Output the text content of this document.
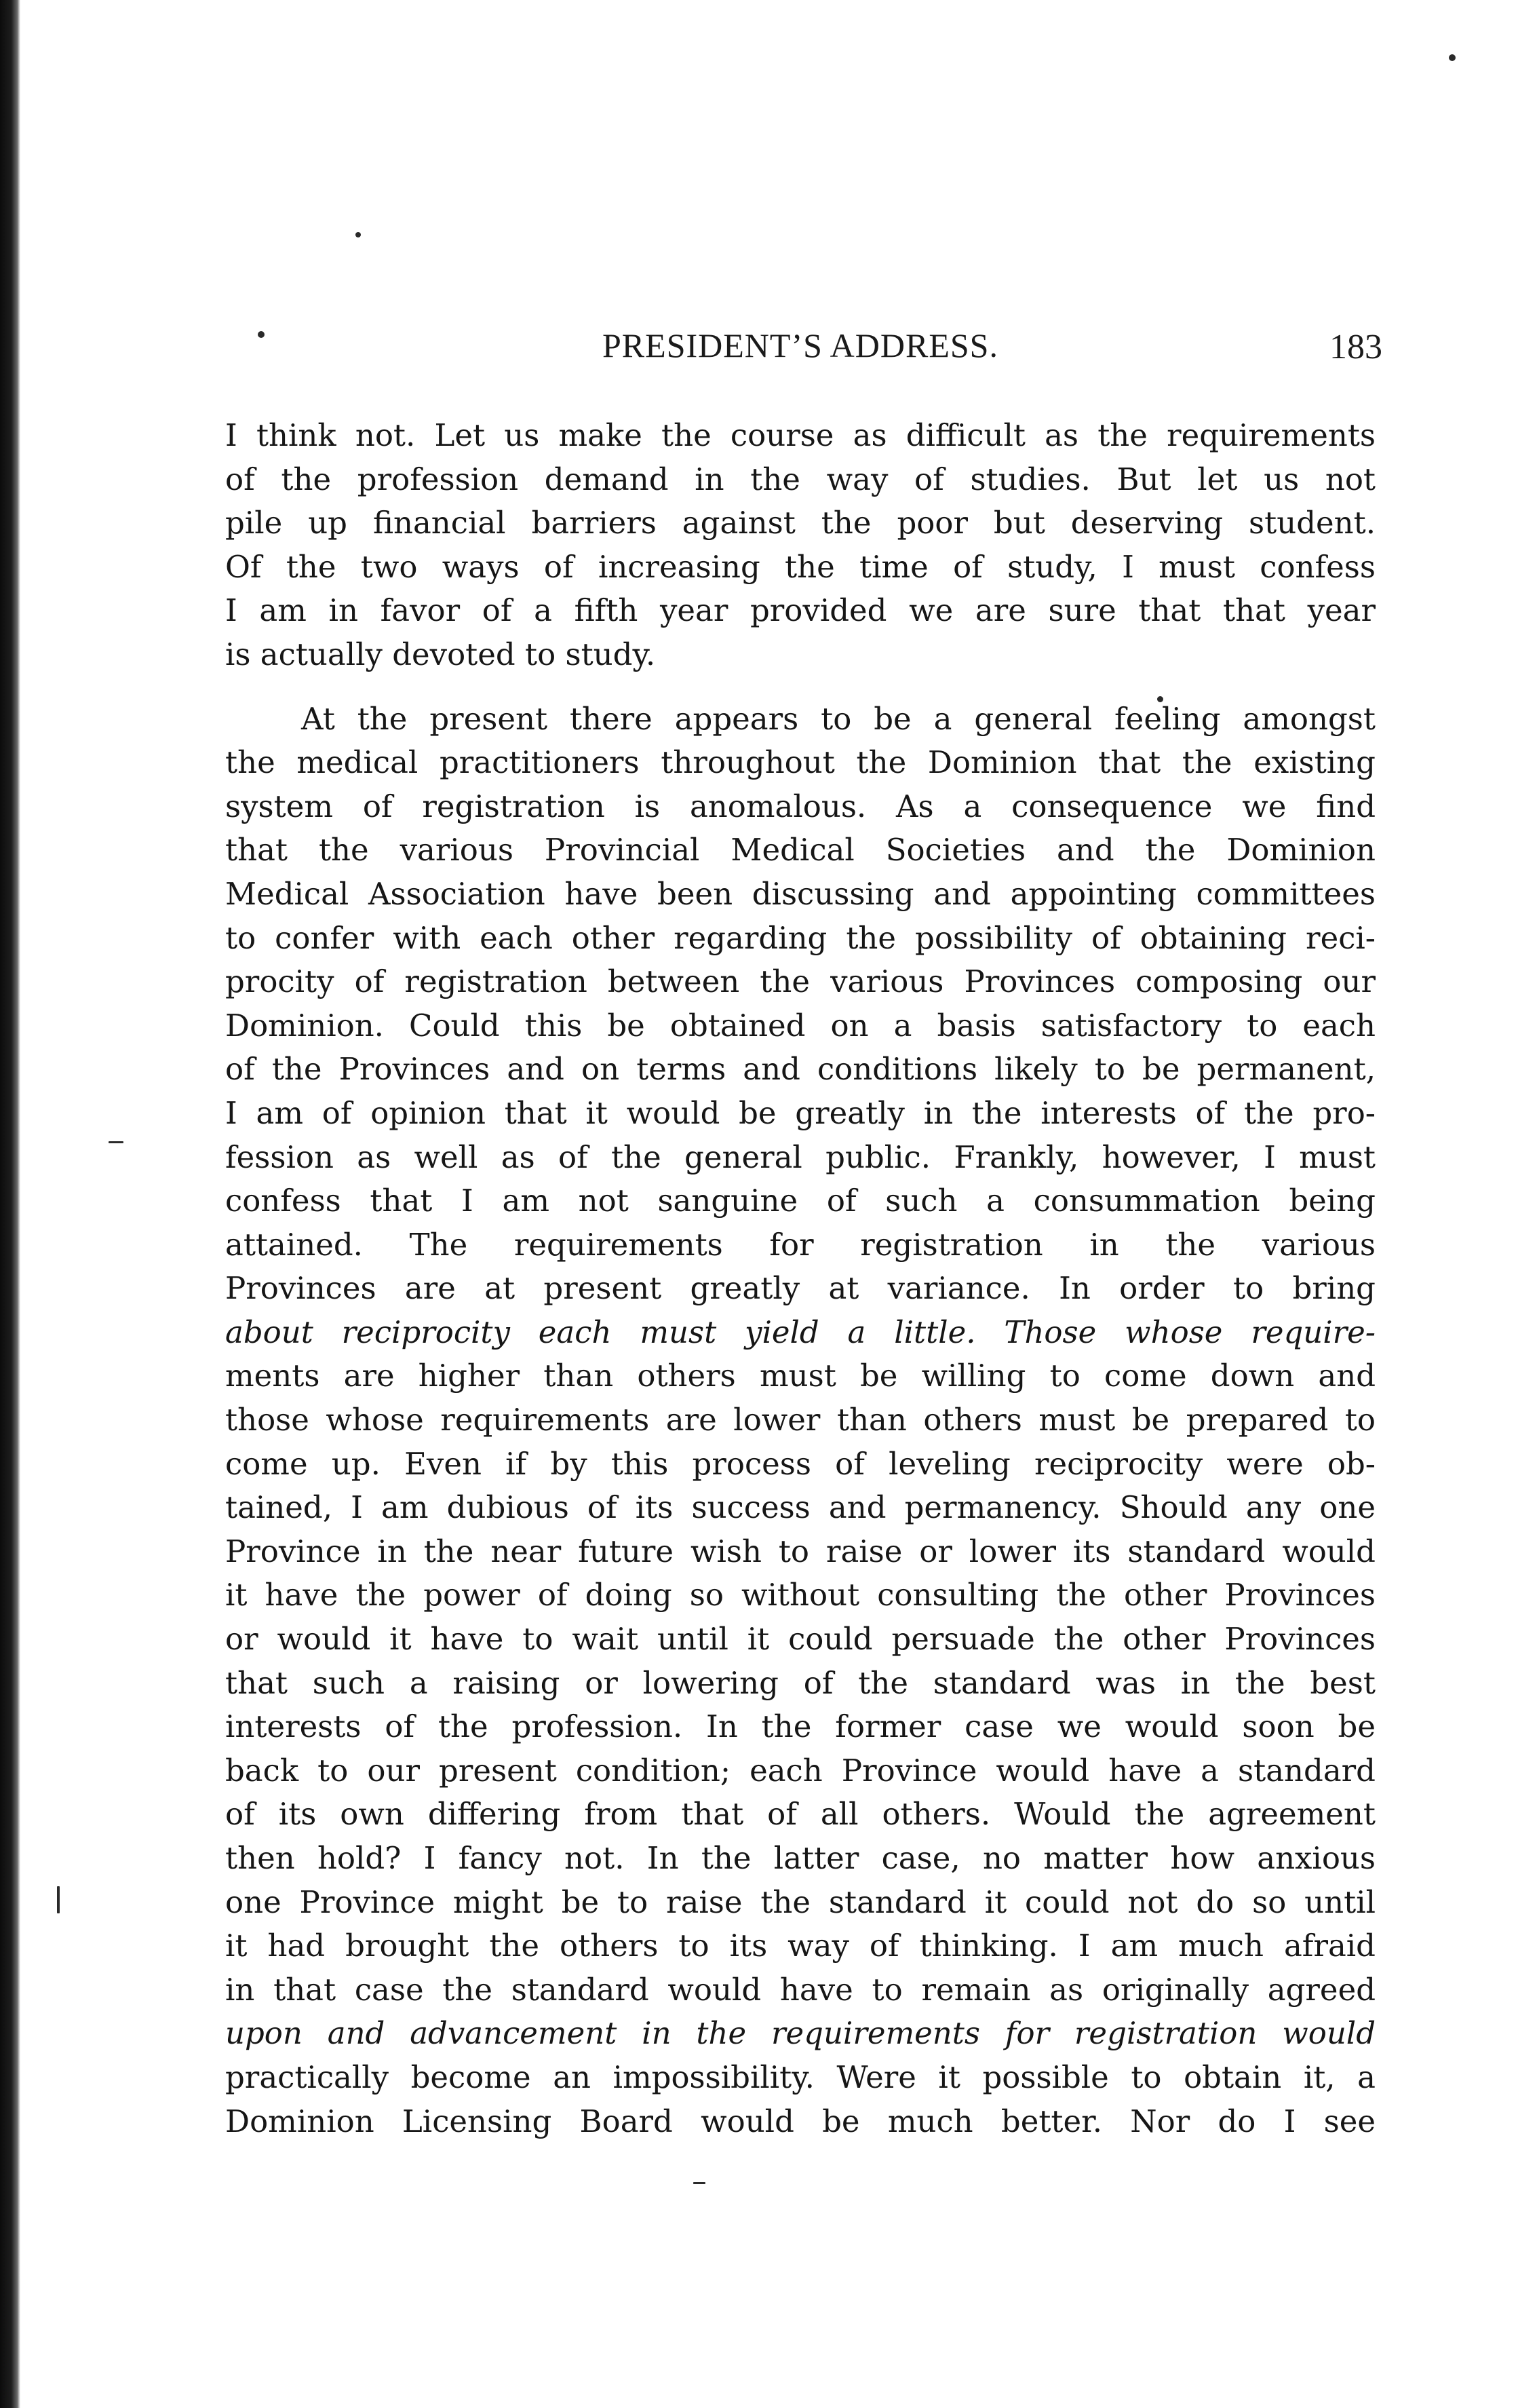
PRESIDENT’S ADDRESS.	183

I think not. Let us make the course as difficult as the requirements
of the profession demand in the way of studies. But let us not
pile up financial barriers against the poor but deserving student.
Of the two ways of increasing the time of study, I must confess
I am in favor of a fifth year provided we are sure that that year
is actually devoted to study.

At the present there appears to be a general feeling amongst
the medical practitioners throughout the Dominion that the existing
system of registration is anomalous. As a consequence we find
that the various Provincial Medical Societies and the Dominion
Medical Association have been discussing and appointing committees
to confer with each other regarding the possibility of obtaining reci-
procity of registration between the various Provinces composing our
Dominion. Could this be obtained on a basis satisfactory to each
of the Provinces and on terms and conditions likely to be permanent,
I am of opinion that it would be greatly in the interests of the pro-
fession as well as of the general public. Frankly, however, I must
confess that I am not sanguine of such a consummation being
attained. The requirements for registration in the various
Provinces are at present greatly at variance. In order to bring
about reciprocity each must yield a little. Those whose require-
ments are higher than others must be willing to come down and
those whose requirements are lower than others must be prepared to
come up. Even if by this process of leveling reciprocity were ob-
tained, I am dubious of its success and permanency. Should any one
Province in the near future wish to raise or lower its standard would
it have the power of doing so without consulting the other Provinces
or would it have to wait until it could persuade the other Provinces
that such a raising or lowering of the standard was in the best
interests of the profession. In the former case we would soon be
back to our present condition; each Province would have a standard
of its own differing from that of all others. Would the agreement
then hold? I fancy not. In the latter case, no matter how anxious
one Province might be to raise the standard it could not do so until
it had brought the others to its way of thinking. I am much afraid
in that case the standard would have to remain as originally agreed
upon and advancement in the requirements for registration would
practically become an impossibility. Were it possible to obtain it, a
Dominion Licensing Board would be much better. Nor do I see
